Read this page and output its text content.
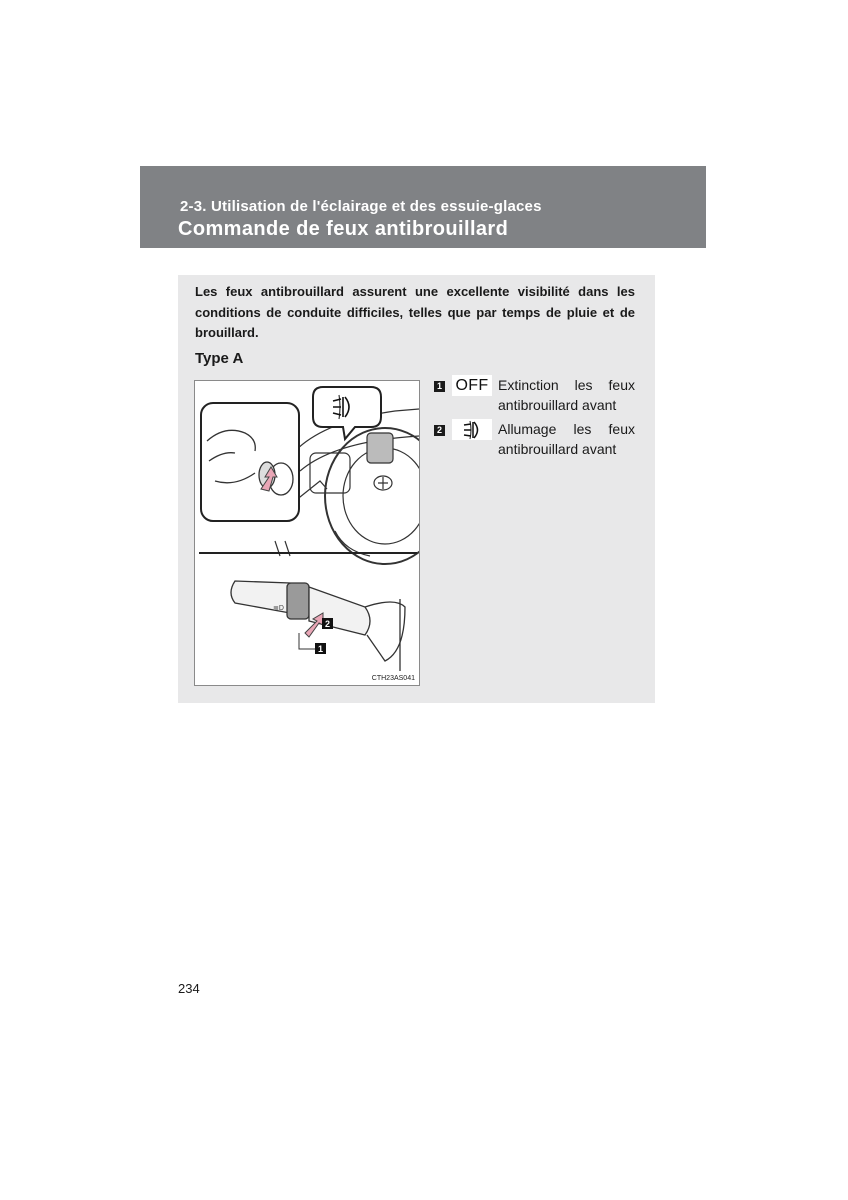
2-3. Utilisation de l'éclairage et des essuie-glaces
Commande de feux antibrouillard

Les feux antibrouillard assurent une excellente visibilité dans les conditions de conduite difficiles, telles que par temps de pluie et de brouillard.

Type A
≣D
2
1
CTH23AS041
1 OFF Extinction les feux
antibrouillard avant
2	Allumage les feux
antibrouillard avant
234
